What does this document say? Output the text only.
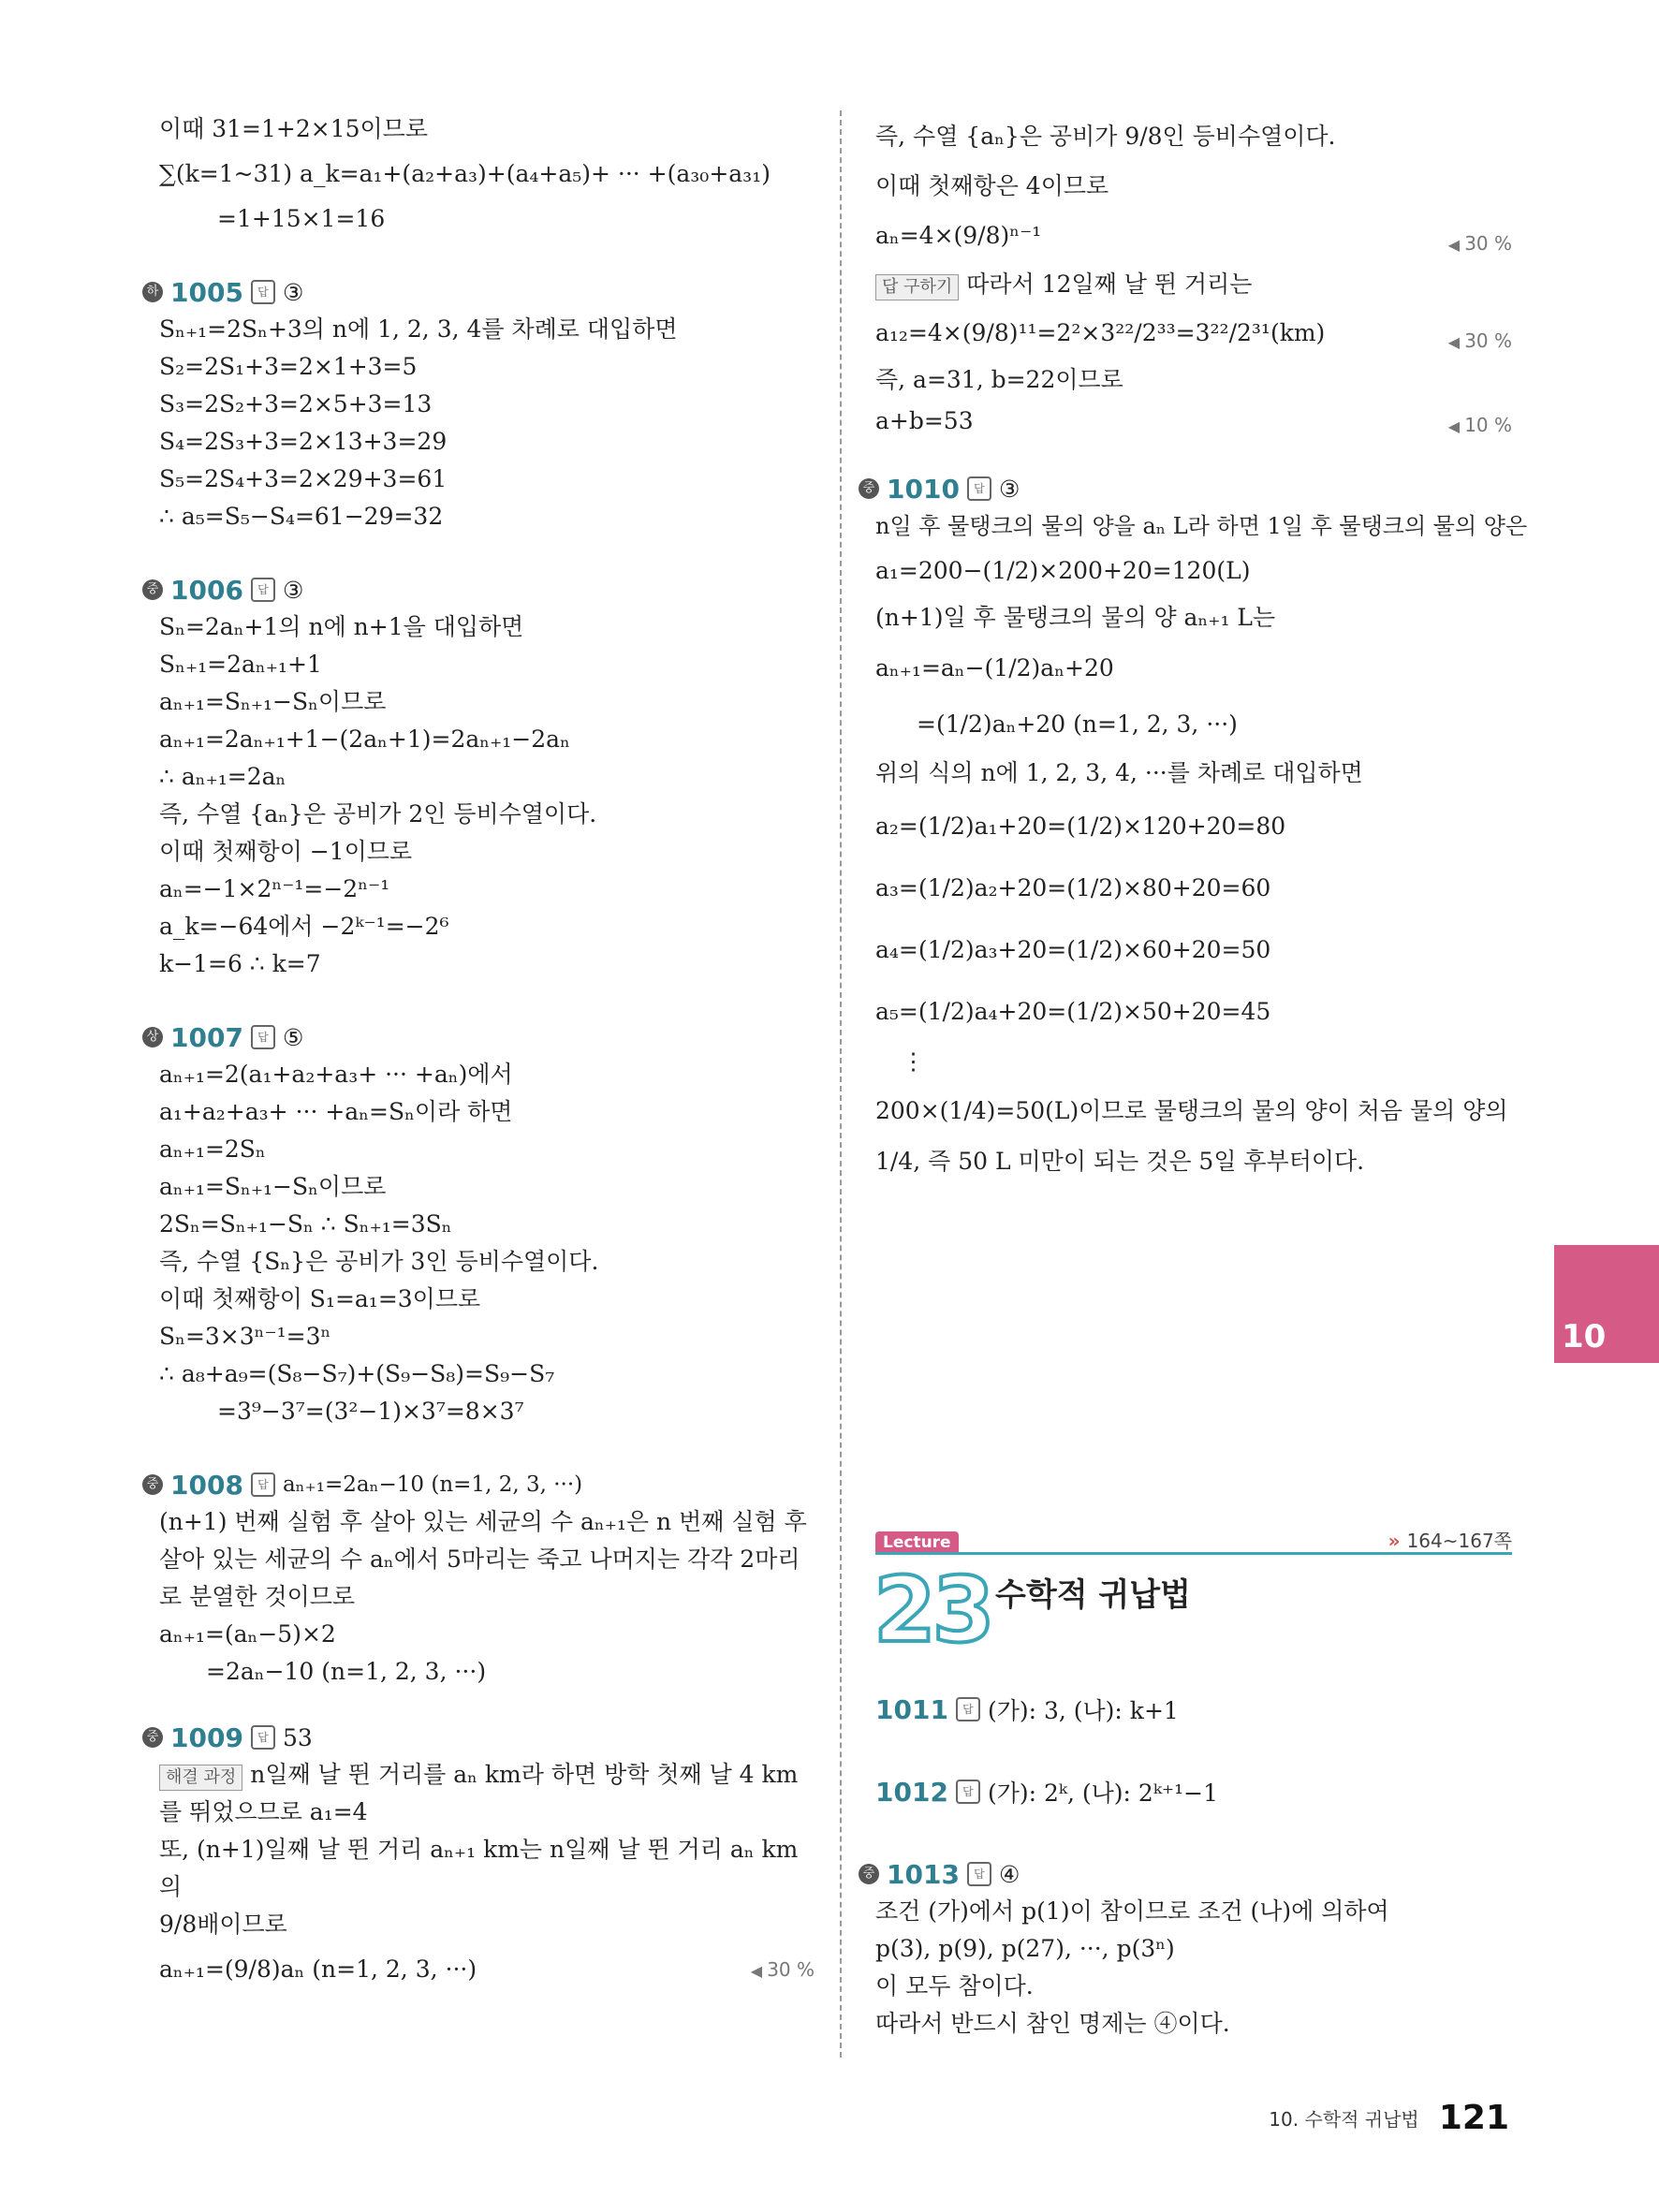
이때 31=1+2×15이므로
∑(k=1~31) a_k=a₁+(a₂+a₃)+(a₄+a₅)+ ··· +(a₃₀+a₃₁)
=1+15×1=16
하 1005	답 ③
Sₙ₊₁=2Sₙ+3의 n에 1, 2, 3, 4를 차례로 대입하면
S₂=2S₁+3=2×1+3=5
S₃=2S₂+3=2×5+3=13
S₄=2S₃+3=2×13+3=29
S₅=2S₄+3=2×29+3=61
∴ a₅=S₅−S₄=61−29=32
중 1006	답 ③
Sₙ=2aₙ+1의 n에 n+1을 대입하면
Sₙ₊₁=2aₙ₊₁+1
aₙ₊₁=Sₙ₊₁−Sₙ이므로
aₙ₊₁=2aₙ₊₁+1−(2aₙ+1)=2aₙ₊₁−2aₙ
∴ aₙ₊₁=2aₙ
즉, 수열 {aₙ}은 공비가 2인 등비수열이다.
이때 첫째항이 −1이므로
aₙ=−1×2ⁿ⁻¹=−2ⁿ⁻¹
a_k=−64에서 −2ᵏ⁻¹=−2⁶
k−1=6 ∴ k=7
상 1007	답 ⑤
aₙ₊₁=2(a₁+a₂+a₃+ ··· +aₙ)에서
a₁+a₂+a₃+ ··· +aₙ=Sₙ이라 하면
aₙ₊₁=2Sₙ
aₙ₊₁=Sₙ₊₁−Sₙ이므로
2Sₙ=Sₙ₊₁−Sₙ ∴ Sₙ₊₁=3Sₙ
즉, 수열 {Sₙ}은 공비가 3인 등비수열이다.
이때 첫째항이 S₁=a₁=3이므로
Sₙ=3×3ⁿ⁻¹=3ⁿ
∴ a₈+a₉=(S₈−S₇)+(S₉−S₈)=S₉−S₇
=3⁹−3⁷=(3²−1)×3⁷=8×3⁷
중 1008	답 aₙ₊₁=2aₙ−10 (n=1, 2, 3, ···)
(n+1) 번째 실험 후 살아 있는 세균의 수 aₙ₊₁은 n 번째 실험 후 살아 있는 세균의 수 aₙ에서 5마리는 죽고 나머지는 각각 2마리로 분열한 것이므로
aₙ₊₁=(aₙ−5)×2
=2aₙ−10 (n=1, 2, 3, ···)
중 1009	답 53
해결 과정 n일째 날 뛴 거리를 aₙ km라 하면 방학 첫째 날 4 km를 뛰었으므로 a₁=4
또, (n+1)일째 날 뛴 거리 aₙ₊₁ km는 n일째 날 뛴 거리 aₙ km의
9/8배이므로
aₙ₊₁=(9/8)aₙ (n=1, 2, 3, ···)	◀ 30 %
즉, 수열 {aₙ}은 공비가 9/8인 등비수열이다.
이때 첫째항은 4이므로
aₙ=4×(9/8)ⁿ⁻¹	◀ 30 %
답 구하기 따라서 12일째 날 뛴 거리는
a₁₂=4×(9/8)¹¹=2²×3²²/2³³=3²²/2³¹(km)	◀ 30 %
즉, a=31, b=22이므로
a+b=53	◀ 10 %
중 1010	답 ③
n일 후 물탱크의 물의 양을 aₙ L라 하면 1일 후 물탱크의 물의 양은
a₁=200−(1/2)×200+20=120(L)
(n+1)일 후 물탱크의 물의 양 aₙ₊₁ L는
aₙ₊₁=aₙ−(1/2)aₙ+20
=(1/2)aₙ+20 (n=1, 2, 3, ···)
위의 식의 n에 1, 2, 3, 4, ···를 차례로 대입하면
a₂=(1/2)a₁+20=(1/2)×120+20=80
a₃=(1/2)a₂+20=(1/2)×80+20=60
a₄=(1/2)a₃+20=(1/2)×60+20=50
a₅=(1/2)a₄+20=(1/2)×50+20=45
⋮
200×(1/4)=50(L)이므로 물탱크의 물의 양이 처음 물의 양의 1/4, 즉 50 L 미만이 되는 것은 5일 후부터이다.
Lecture	» 164~167쪽
23 수학적 귀납법
1011	답 (가): 3, (나): k+1
1012	답 (가): 2ᵏ, (나): 2ᵏ⁺¹−1
중 1013	답 ④
조건 (가)에서 p(1)이 참이므로 조건 (나)에 의하여
p(3), p(9), p(27), ···, p(3ⁿ)
이 모두 참이다.
따라서 반드시 참인 명제는 ④이다.
10
10. 수학적 귀납법 121
